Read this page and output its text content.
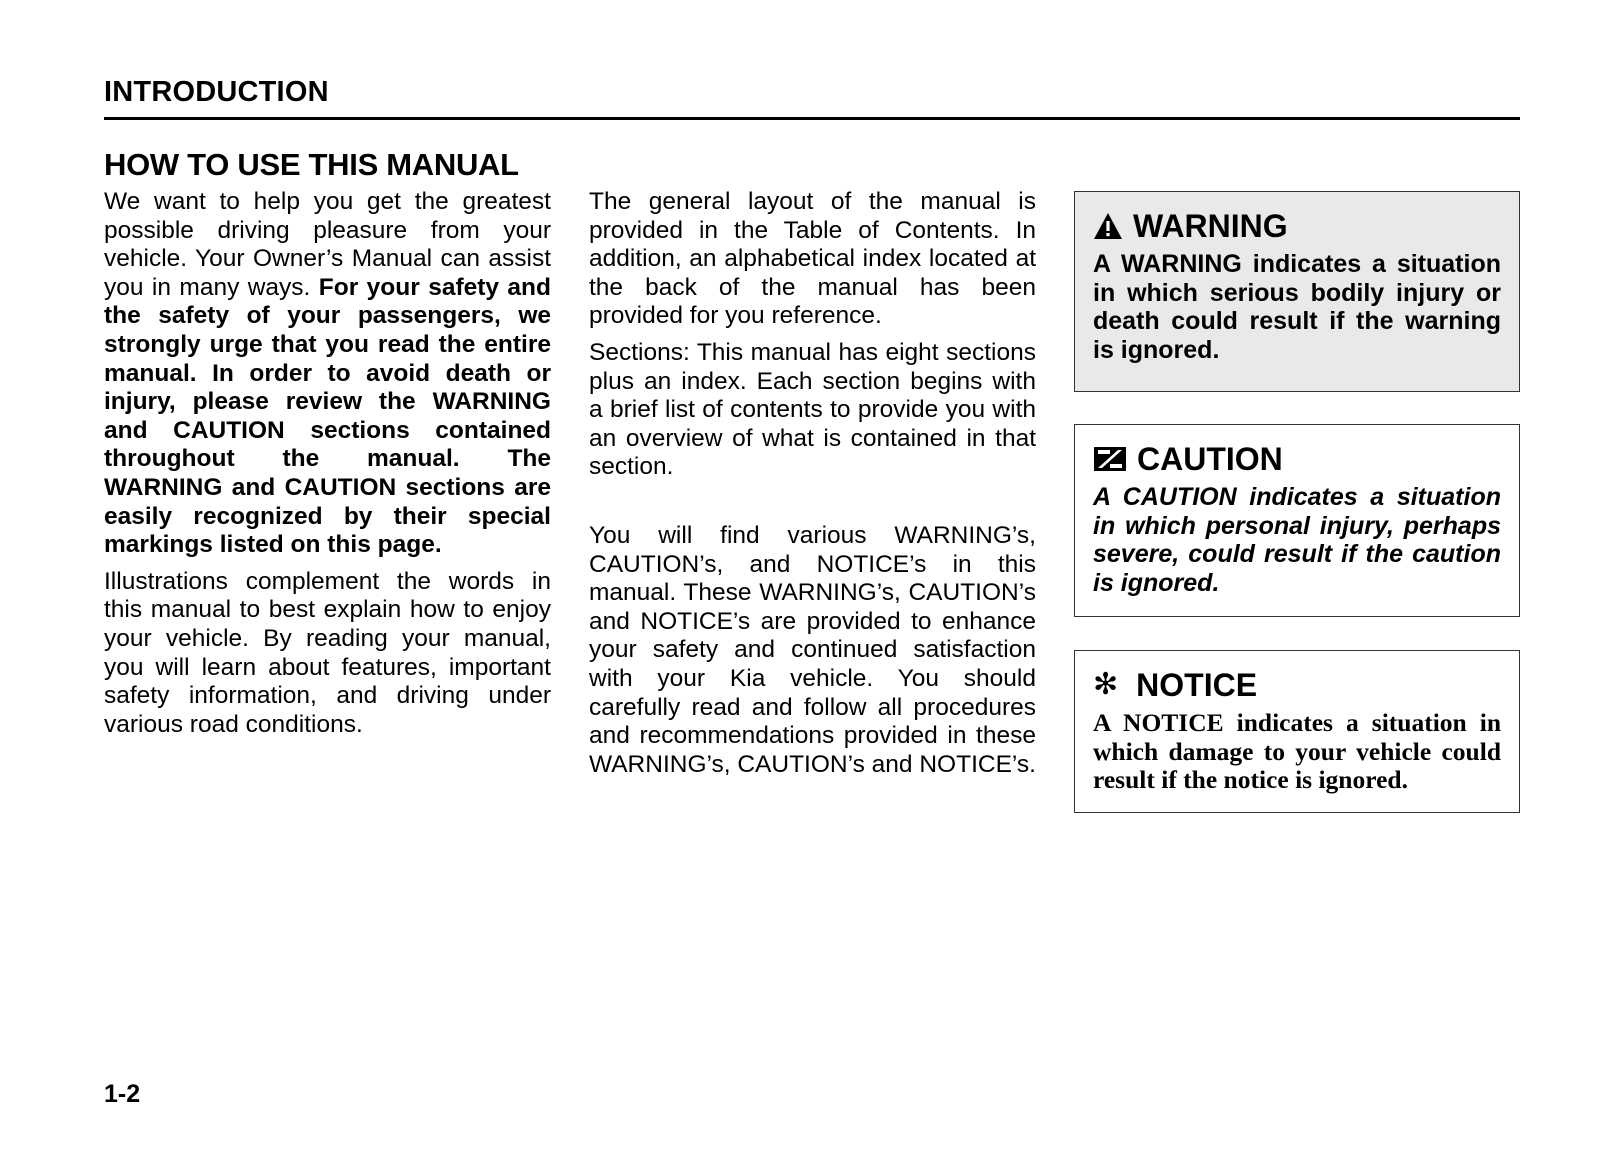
INTRODUCTION
HOW TO USE THIS MANUAL

We want to help you get the greatest possible driving pleasure from your vehicle. Your Owner’s Manual can assist you in many ways. For your safety and the safety of your passengers, we strongly urge that you read the entire manual. In order to avoid death or injury, please review the WARNING and CAUTION sections contained throughout the manual. The WARNING and CAUTION sections are easily recognized by their special markings listed on this page.

Illustrations complement the words in this manual to best explain how to enjoy your vehicle. By reading your manual, you will learn about features, important safety information, and driving under various road conditions.

The general layout of the manual is provided in the Table of Contents. In addition, an alphabetical index located at the back of the manual has been provided for you reference.

Sections: This manual has eight sections plus an index. Each section begins with a brief list of contents to provide you with an overview of what is contained in that section.

You will find various WARNING’s, CAUTION’s, and NOTICE’s in this manual. These WARNING’s, CAUTION’s and NOTICE’s are provided to enhance your safety and continued satisfaction with your Kia vehicle. You should carefully read and follow all procedures and recommendations provided in these WARNING’s, CAUTION’s and NOTICE’s.

WARNING
A WARNING indicates a situation in which serious bodily injury or death could result if the warning is ignored.
CAUTION
A CAUTION indicates a situation in which personal injury, perhaps severe, could result if the caution is ignored.
✻ NOTICE
A NOTICE indicates a situation in which damage to your vehicle could result if the notice is ignored.
1-2
